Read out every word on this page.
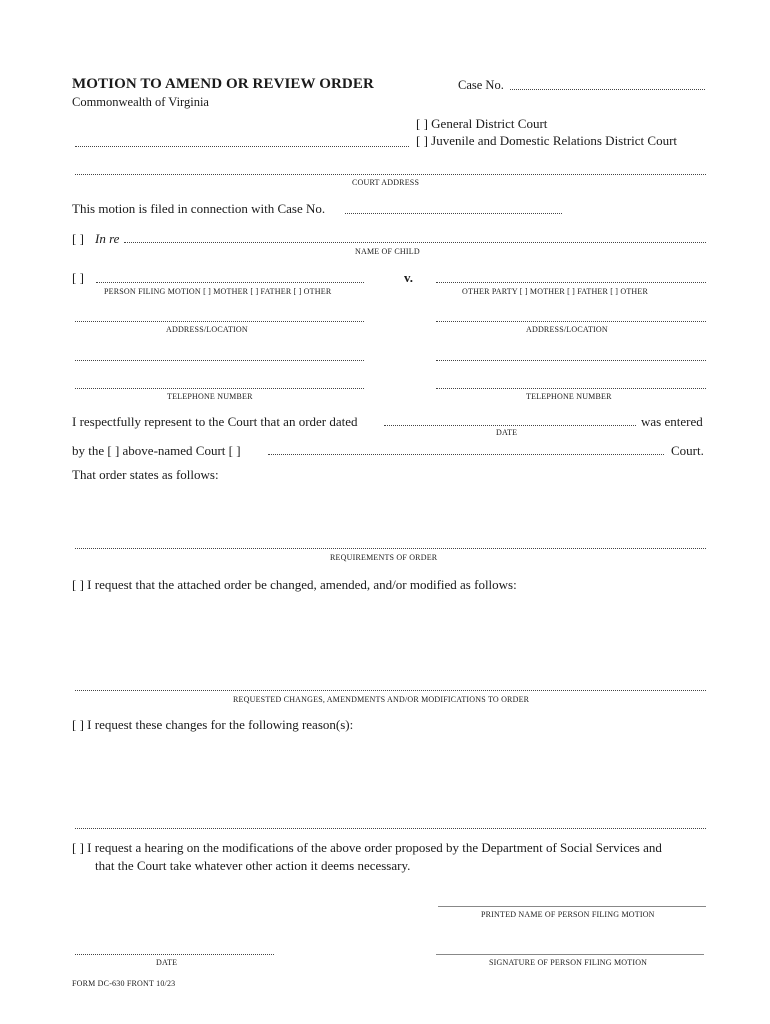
MOTION TO AMEND OR REVIEW ORDER	Case No.
Commonwealth of Virginia
[ ] General District Court
[ ] Juvenile and Domestic Relations District Court
COURT ADDRESS
This motion is filed in connection with Case No.
[ ] In re
NAME OF CHILD
[ ]	v.
PERSON FILING MOTION [ ] MOTHER [ ] FATHER [ ] OTHER	OTHER PARTY [ ] MOTHER [ ] FATHER [ ] OTHER
ADDRESS/LOCATION	ADDRESS/LOCATION
TELEPHONE NUMBER	TELEPHONE NUMBER
I respectfully represent to the Court that an order dated	was entered
DATE
by the [ ] above-named Court [ ]	Court.
That order states as follows:
REQUIREMENTS OF ORDER
[ ] I request that the attached order be changed, amended, and/or modified as follows:
REQUESTED CHANGES, AMENDMENTS AND/OR MODIFICATIONS TO ORDER
[ ] I request these changes for the following reason(s):
[ ] I request a hearing on the modifications of the above order proposed by the Department of Social Services and
that the Court take whatever other action it deems necessary.
PRINTED NAME OF PERSON FILING MOTION
DATE	SIGNATURE OF PERSON FILING MOTION
FORM DC-630 FRONT 10/23
